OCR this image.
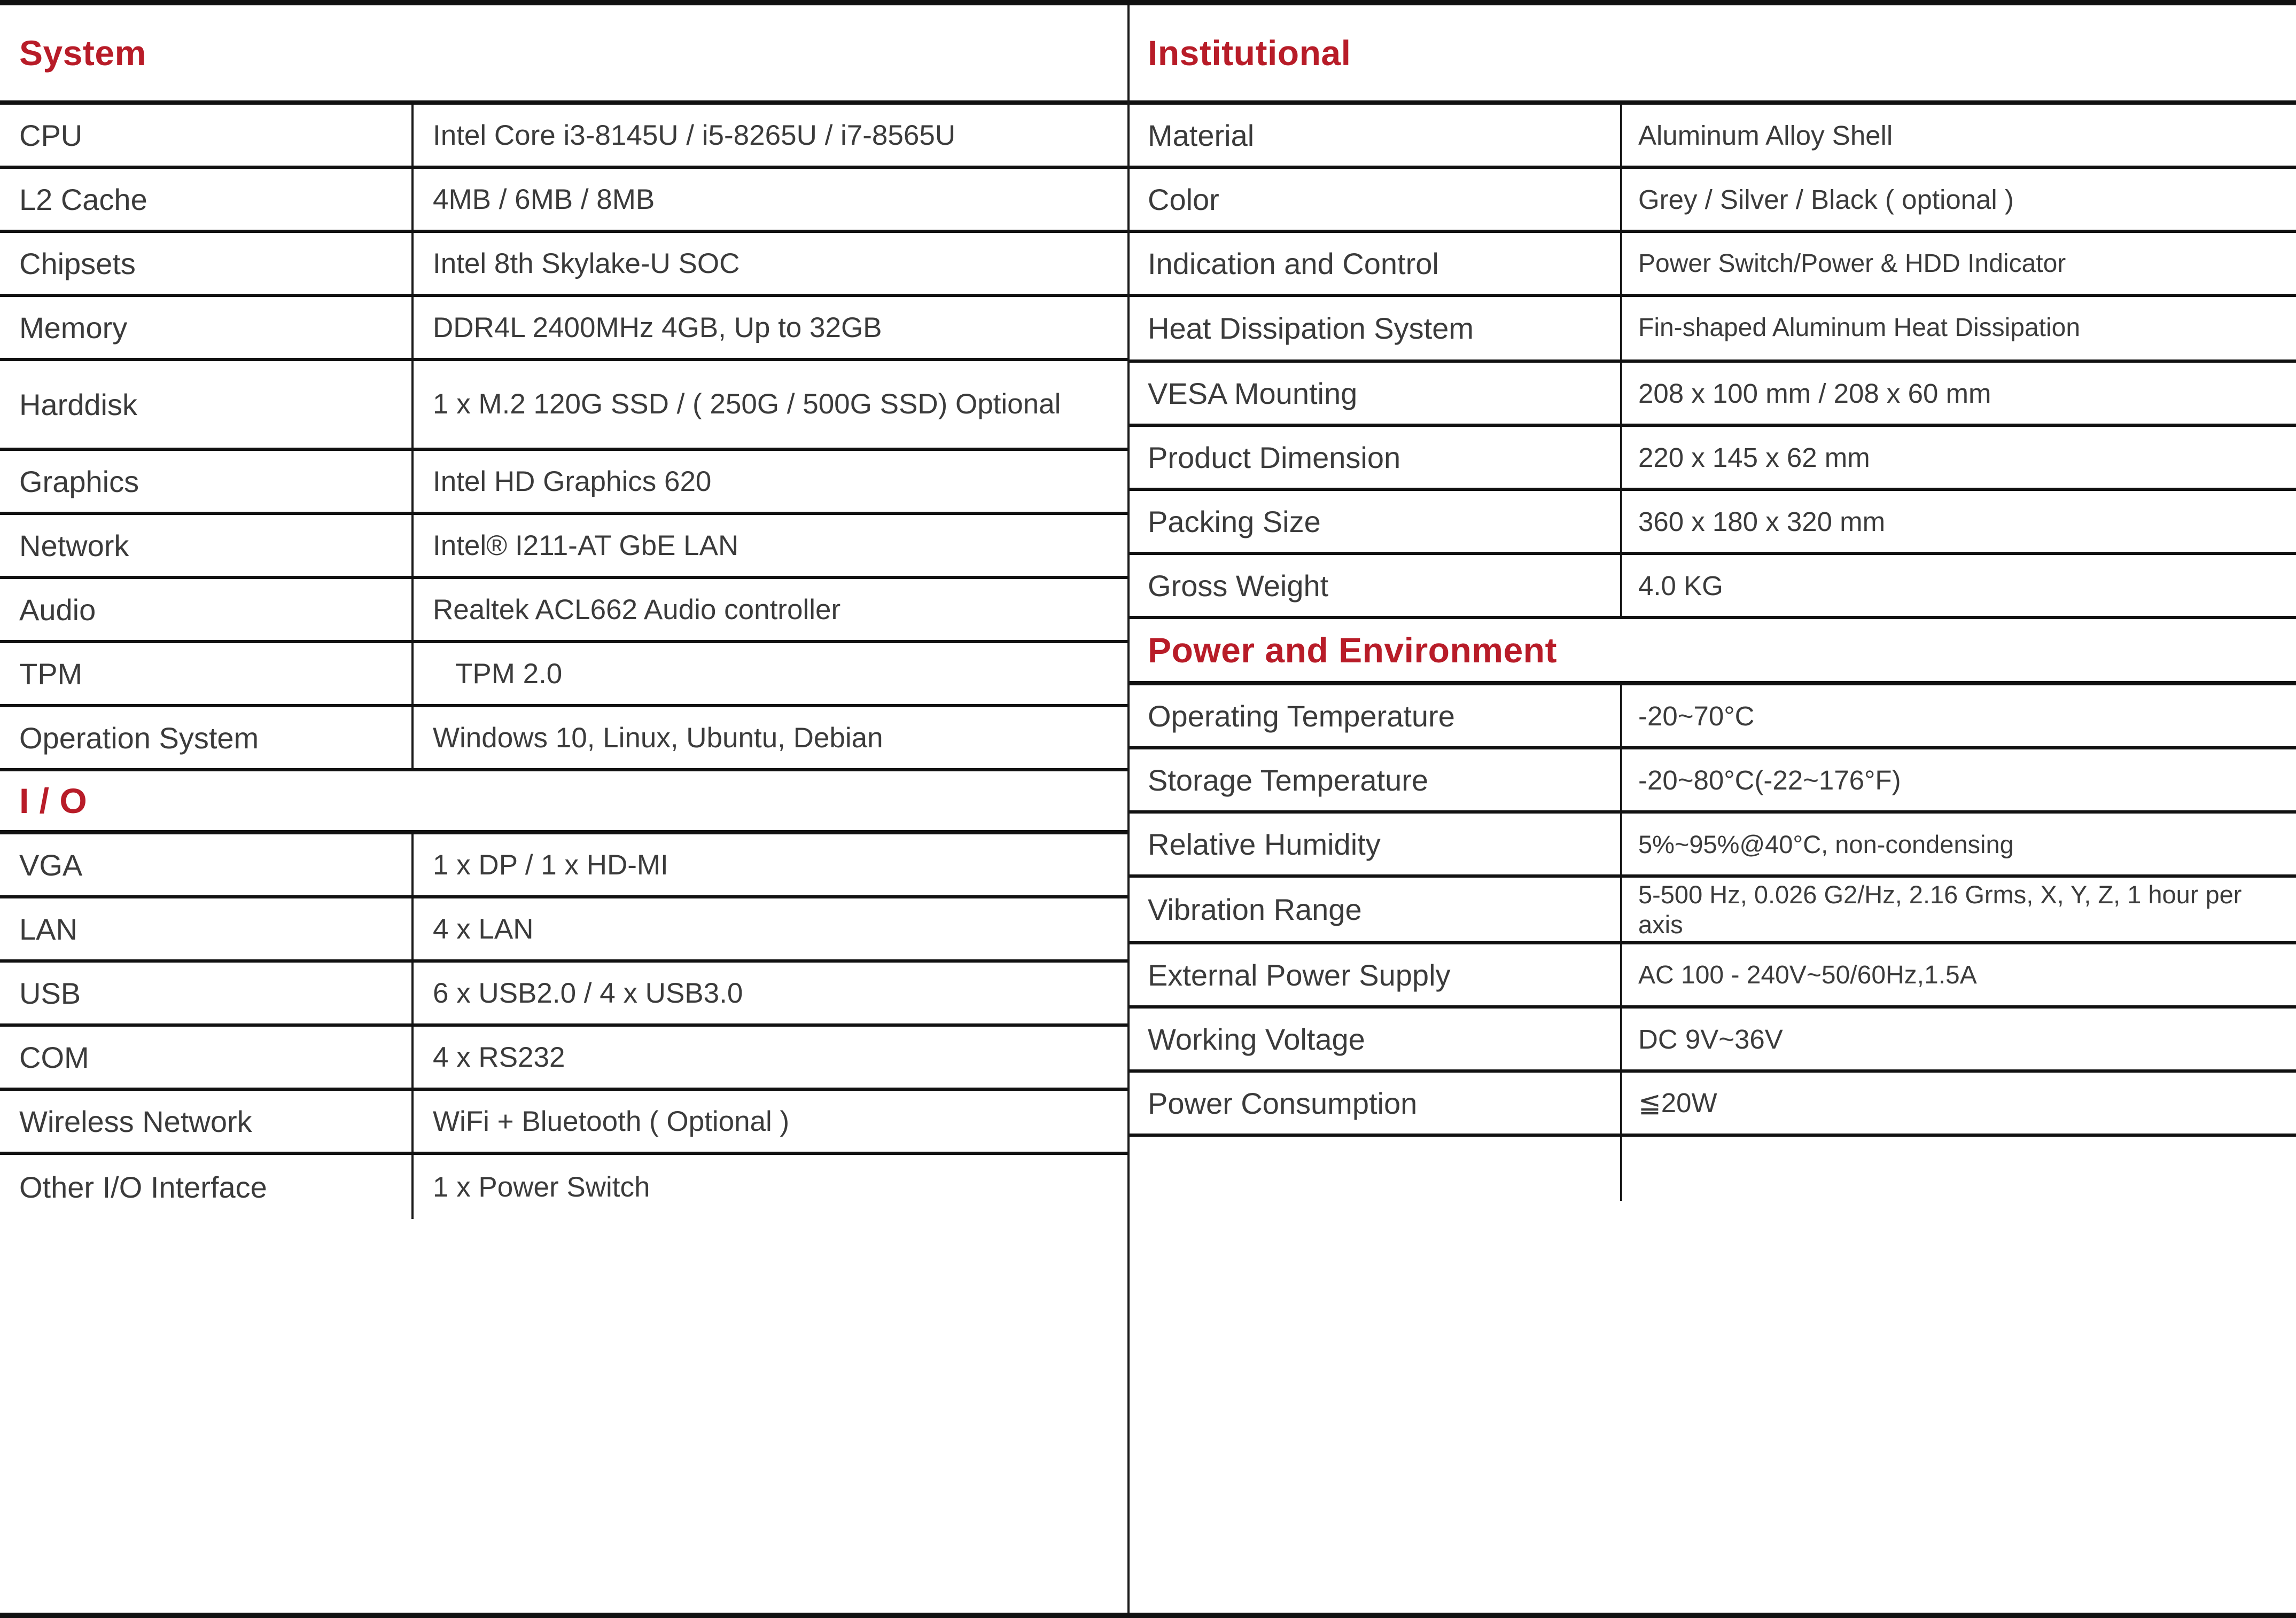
System
CPU	Intel Core i3-8145U / i5-8265U / i7-8565U
L2 Cache	4MB / 6MB / 8MB
Chipsets	Intel 8th Skylake-U SOC
Memory	DDR4L 2400MHz 4GB, Up to 32GB
Harddisk	1 x M.2 120G SSD / ( 250G / 500G SSD) Optional
Graphics	Intel HD Graphics 620
Network	Intel® I211-AT GbE LAN
Audio	Realtek ACL662 Audio controller
TPM	TPM 2.0
Operation System	Windows 10, Linux, Ubuntu, Debian
I / O
VGA	1 x DP / 1 x HD-MI
LAN	4 x LAN
USB	6 x USB2.0 / 4 x USB3.0
COM	4 x RS232
Wireless Network	WiFi + Bluetooth ( Optional )
Other I/O Interface	1 x Power Switch
Institutional
Material	Aluminum Alloy Shell
Color	Grey / Silver / Black ( optional )
Indication and Control	Power Switch/Power & HDD Indicator
Heat Dissipation System	Fin-shaped Aluminum Heat Dissipation
VESA Mounting	208 x 100 mm / 208 x 60 mm
Product Dimension	220 x 145 x 62 mm
Packing Size	360 x 180 x 320 mm
Gross Weight	4.0 KG
Power and Environment
Operating Temperature	-20~70°C
Storage Temperature	-20~80°C(-22~176°F)
Relative Humidity	5%~95%@40°C, non-condensing
Vibration Range	5-500 Hz, 0.026 G2/Hz, 2.16 Grms, X, Y, Z, 1 hour per axis
External Power Supply	AC 100 - 240V~50/60Hz,1.5A
Working Voltage	DC 9V~36V
Power Consumption	≦20W
